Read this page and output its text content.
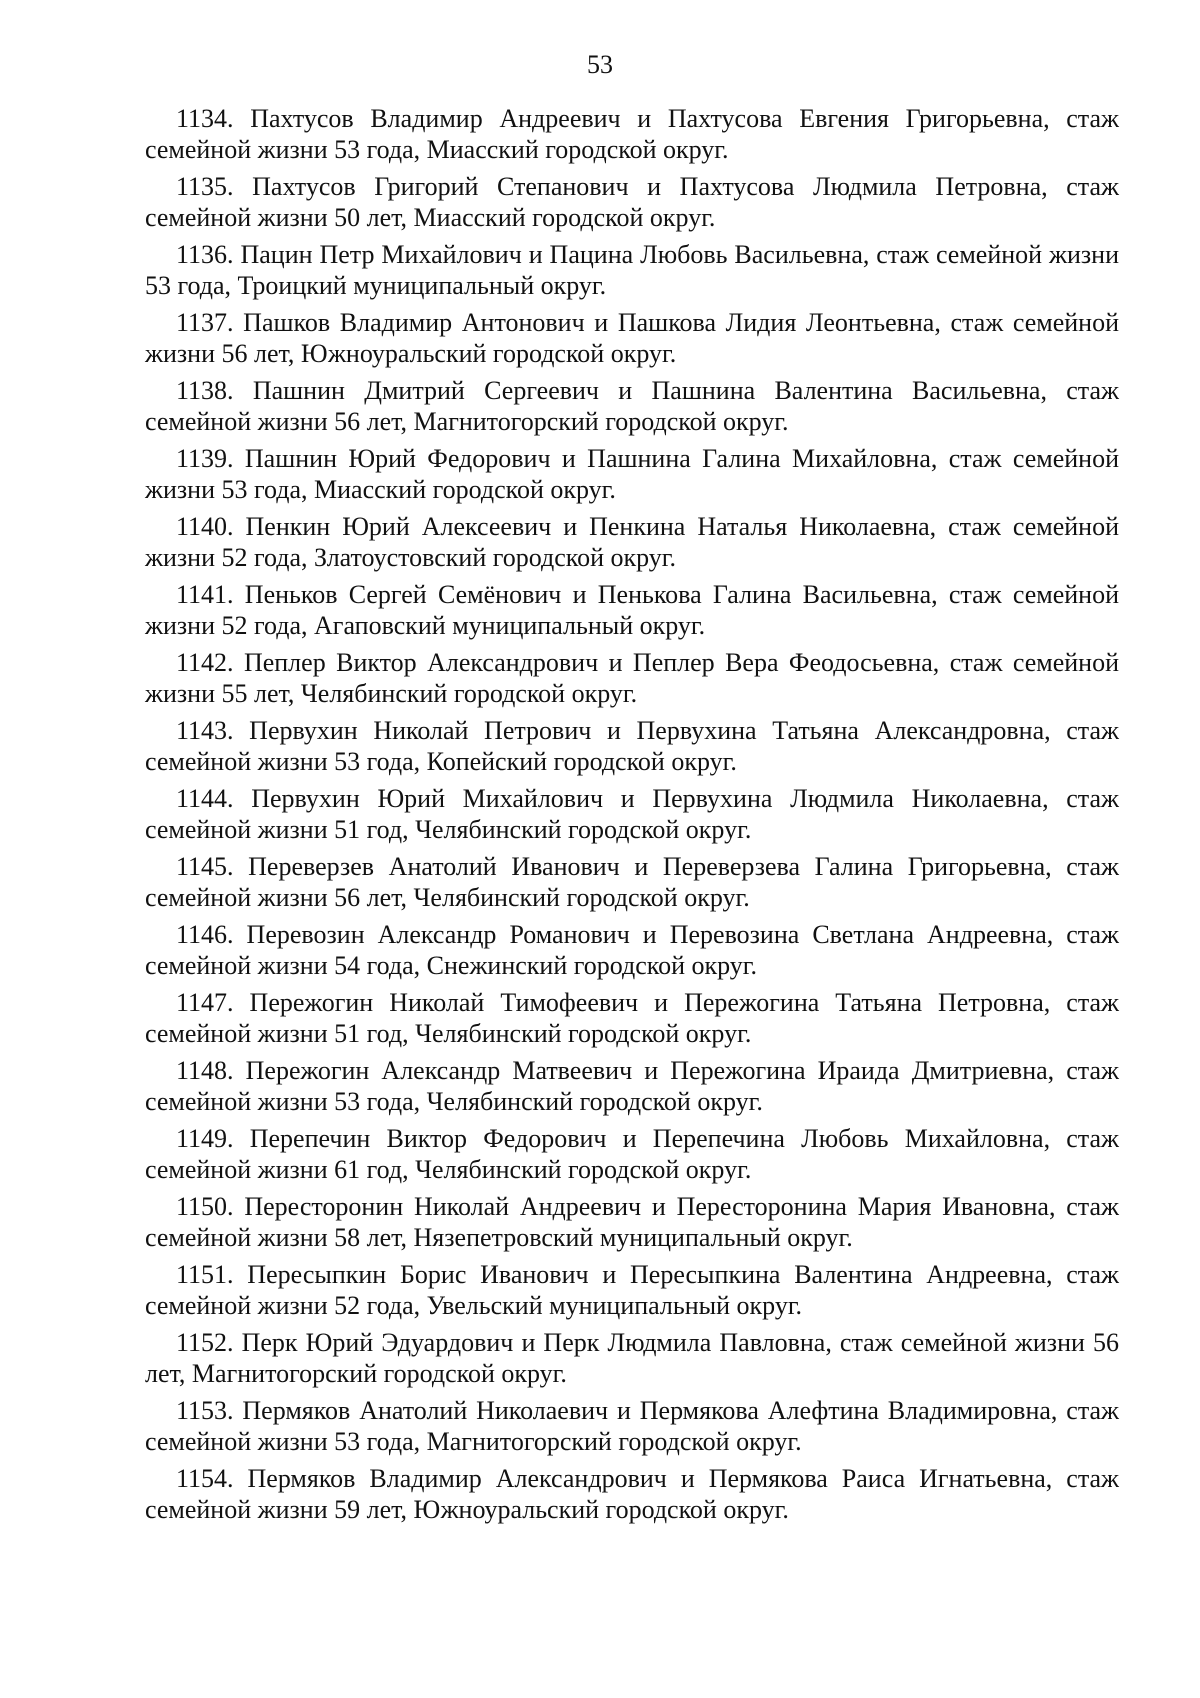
53

1134. Пахтусов Владимир Андреевич и Пахтусова Евгения Григорьевна, стаж семейной жизни 53 года, Миасский городской округ.

1135. Пахтусов Григорий Степанович и Пахтусова Людмила Петровна, стаж семейной жизни 50 лет, Миасский городской округ.

1136. Пацин Петр Михайлович и Пацина Любовь Васильевна, стаж семейной жизни 53 года, Троицкий муниципальный округ.

1137. Пашков Владимир Антонович и Пашкова Лидия Леонтьевна, стаж семейной жизни 56 лет, Южноуральский городской округ.

1138. Пашнин Дмитрий Сергеевич и Пашнина Валентина Васильевна, стаж семейной жизни 56 лет, Магнитогорский городской округ.

1139. Пашнин Юрий Федорович и Пашнина Галина Михайловна, стаж семейной жизни 53 года, Миасский городской округ.

1140. Пенкин Юрий Алексеевич и Пенкина Наталья Николаевна, стаж семейной жизни 52 года, Златоустовский городской округ.

1141. Пеньков Сергей Семёнович и Пенькова Галина Васильевна, стаж семейной жизни 52 года, Агаповский муниципальный округ.

1142. Пеплер Виктор Александрович и Пеплер Вера Феодосьевна, стаж семейной жизни 55 лет, Челябинский городской округ.

1143. Первухин Николай Петрович и Первухина Татьяна Александровна, стаж семейной жизни 53 года, Копейский городской округ.

1144. Первухин Юрий Михайлович и Первухина Людмила Николаевна, стаж семейной жизни 51 год, Челябинский городской округ.

1145. Переверзев Анатолий Иванович и Переверзева Галина Григорьевна, стаж семейной жизни 56 лет, Челябинский городской округ.

1146. Перевозин Александр Романович и Перевозина Светлана Андреевна, стаж семейной жизни 54 года, Снежинский городской округ.

1147. Пережогин Николай Тимофеевич и Пережогина Татьяна Петровна, стаж семейной жизни 51 год, Челябинский городской округ.

1148. Пережогин Александр Матвеевич и Пережогина Ираида Дмитриевна, стаж семейной жизни 53 года, Челябинский городской округ.

1149. Перепечин Виктор Федорович и Перепечина Любовь Михайловна, стаж семейной жизни 61 год, Челябинский городской округ.

1150. Пересторонин Николай Андреевич и Пересторонина Мария Ивановна, стаж семейной жизни 58 лет, Нязепетровский муниципальный округ.

1151. Пересыпкин Борис Иванович и Пересыпкина Валентина Андреевна, стаж семейной жизни 52 года, Увельский муниципальный округ.

1152. Перк Юрий Эдуардович и Перк Людмила Павловна, стаж семейной жизни 56 лет, Магнитогорский городской округ.

1153. Пермяков Анатолий Николаевич и Пермякова Алефтина Владимировна, стаж семейной жизни 53 года, Магнитогорский городской округ.

1154. Пермяков Владимир Александрович и Пермякова Раиса Игнатьевна, стаж семейной жизни 59 лет, Южноуральский городской округ.
